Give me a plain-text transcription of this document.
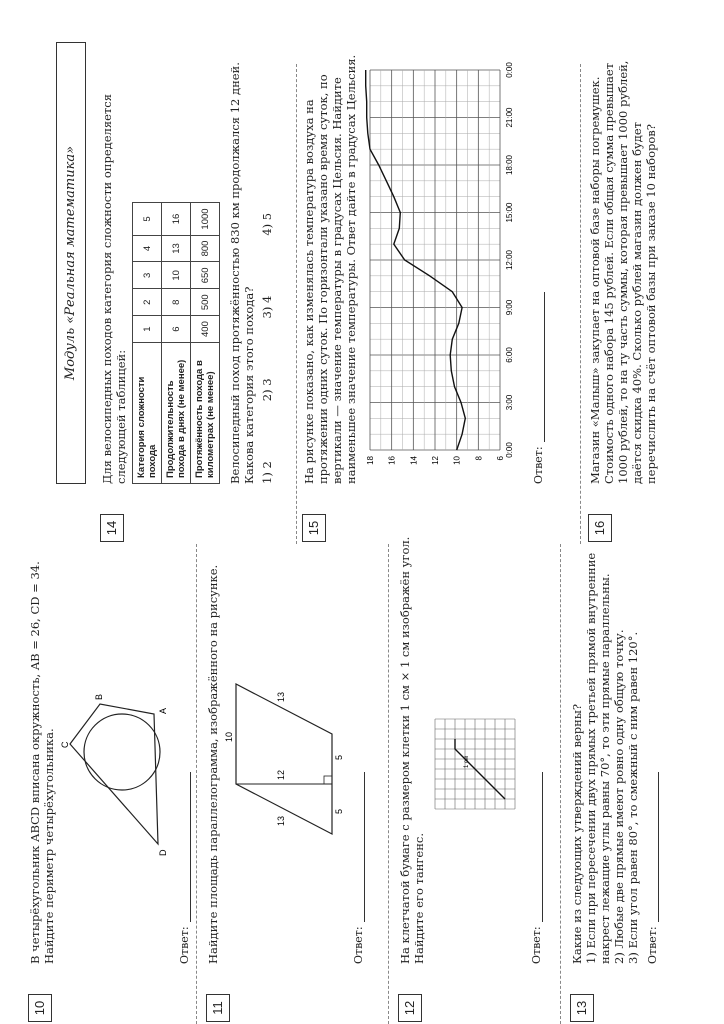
10

В четырёхугольник ABCD вписана окружность, AB = 26, CD = 34. Найдите периметр четырёхугольника.	D
A
C
B
Ответ:
11

Найдите площадь параллелограмма, изображённого на рисунке. 10
13
13
12
5
5
Ответ:
12

На клетчатой бумаге с размером клетки 1 см × 1 см изображён угол. Найдите его тангенс.

1 см
Ответ:
13

Какие из следующих утверждений верны? 1) Если при пересечении двух прямых третьей прямой внутренние накрест лежащие углы равны 70°, то эти прямые параллельны. 2) Любые две прямые имеют ровно одну общую точку. 3) Если угол равен 80°, то смежный с ним равен 120°. Ответ:
Модуль «Реальная математика»
14

Для велосипедных походов категория сложности определяется следующей таблицей: Категория сложности похода	1	2	3	4	5
Продолжительность похода в днях (не менее)	6	8	10	13	16
Протяжённость похода в километрах (не менее)	400	500	650	800	1000 Велосипедный поход протяжённостью 830 км продолжался 12 дней. Какова категория этого похода? 1) 2
2) 3
3) 4
4) 5
15

На рисунке показано, как изменялась температура воздуха на протяжении одних суток. По горизонтали указано время суток, по вертикали — значение температуры в градусах Цельсия. Найдите наименьшее значение температуры. Ответ дайте в градусах Цельсия.	6
8
10
12
14
16
18
0:00
3:00
6:00
9:00
12:00
15:00
18:00
21:00
0:00
Ответ:
16

Магазин «Малыш» закупает на оптовой базе наборы погремушек. Стоимость одного набора 145 рублей. Если общая сумма превышает 1000 рублей, то на ту часть суммы, которая превышает 1000 рублей, даётся скидка 40%. Сколько рублей магазин должен будет перечислить на счёт оптовой базы при заказе 10 наборов?
